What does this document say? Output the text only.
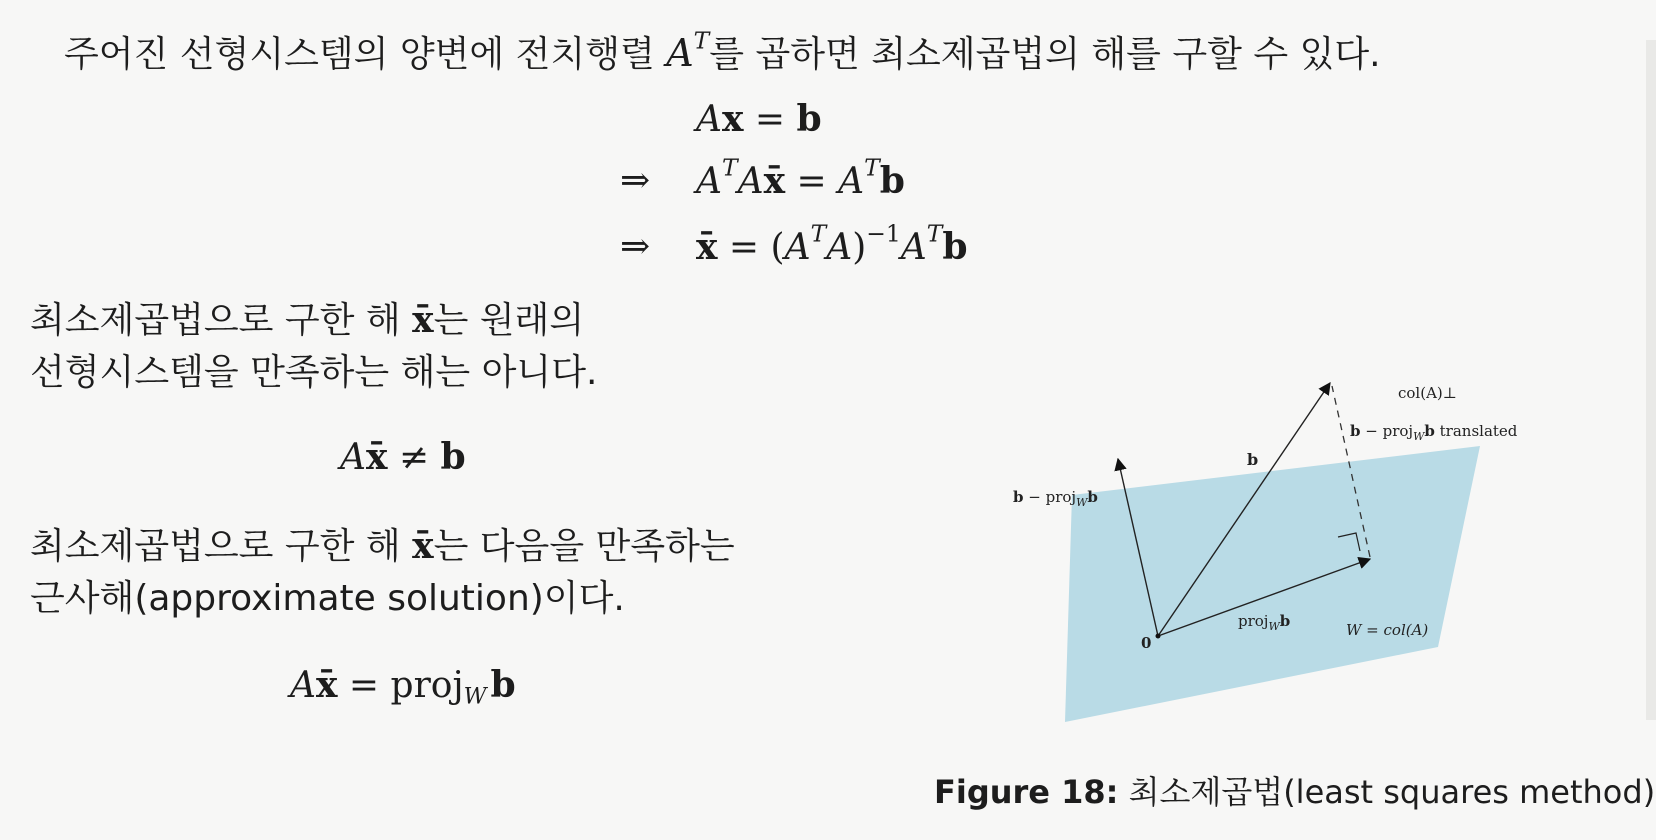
주어진 선형시스템의 양변에 전치행렬 $A^T$를 곱하면 최소제곱법의 해를 구할 수 있다.
Ax = b
⇒ $A^TAx̄ = A^Tb$
⇒ x̄ = $(A^TA)^{-1}A^Tb$
최소제곱법으로 구한 해 x̄는 원래의
선형시스템을 만족하는 해는 아니다.
Ax̄ ≠ b
최소제곱법으로 구한 해 x̄는 다음을 만족하는
근사해(approximate solution)이다.
Ax̄ = proj$_W$ b
col(A)⊥
b − proj$_W$b translated
b
b − proj$_W$b
0
proj$_W$b	W = col(A)
Figure 18: 최소제곱법(least squares method)
